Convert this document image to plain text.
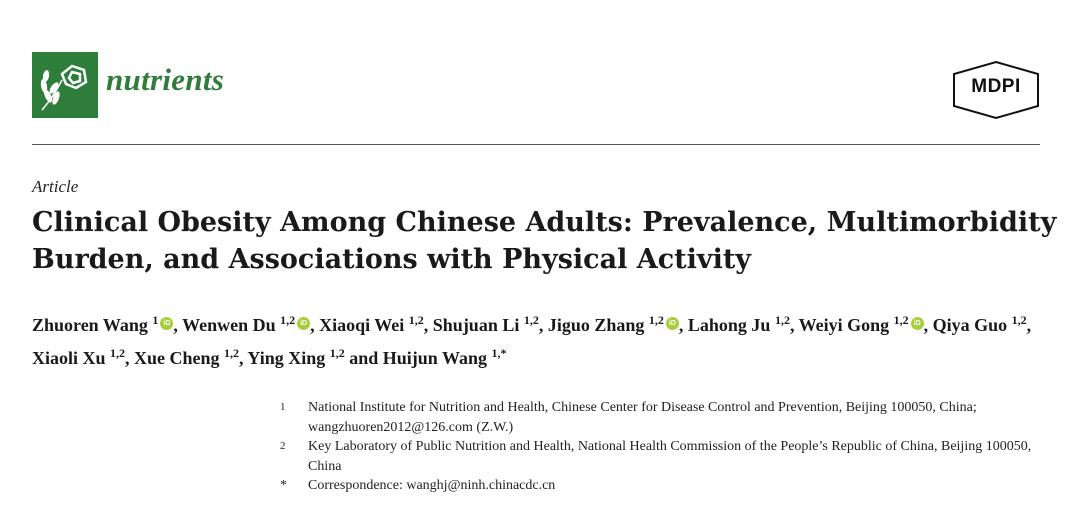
nutrients	MDPI
Article
Clinical Obesity Among Chinese Adults: Prevalence, Multimorbidity Burden, and Associations with Physical Activity
Zhuoren Wang $^1$ iD , Wenwen Du $^{1,2}$ iD , Xiaoqi Wei $^{1,2}$, Shujuan Li $^{1,2}$, Jiguo Zhang $^{1,2}$ iD , Lahong Ju $^{1,2}$, Weiyi Gong $^{1,2}$ iD , Qiya Guo $^{1,2}$, Xiaoli Xu $^{1,2}$, Xue Cheng $^{1,2}$, Ying Xing $^{1,2}$ and Huijun Wang $^{1,*}$
1	National Institute for Nutrition and Health, Chinese Center for Disease Control and Prevention, Beijing 100050, China; wangzhuoren2012@126.com (Z.W.)
2	Key Laboratory of Public Nutrition and Health, National Health Commission of the People’s Republic of China, Beijing 100050, China
*	Correspondence: wanghj@ninh.chinacdc.cn
